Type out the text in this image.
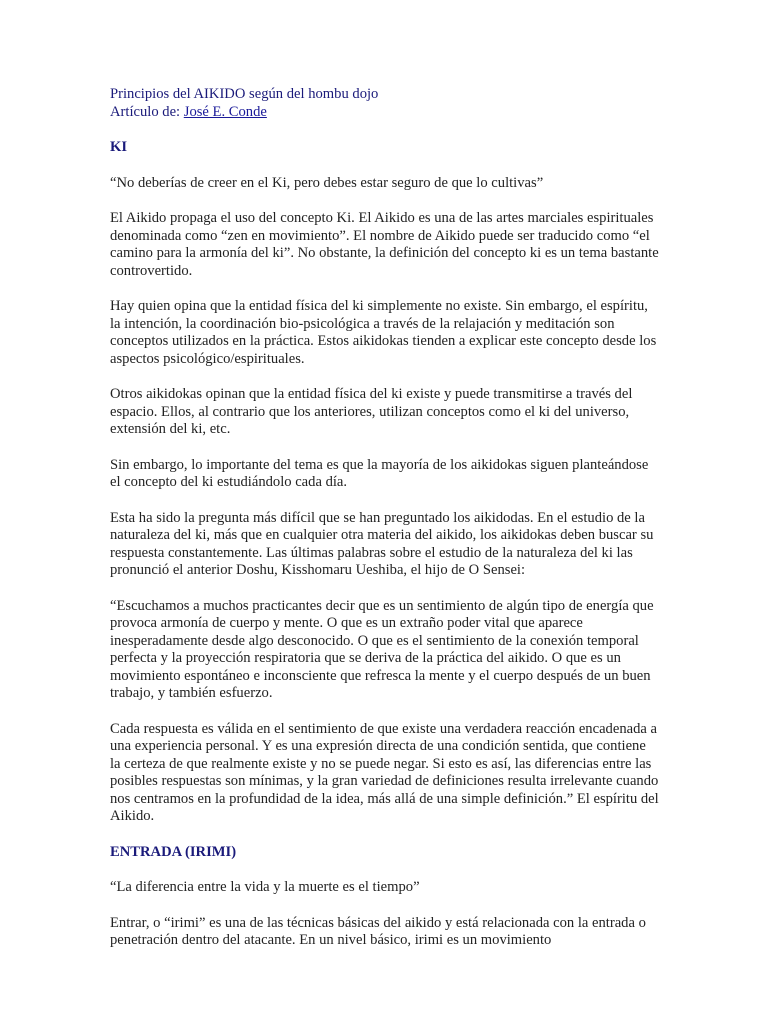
Principios del AIKIDO según del hombu dojo
Artículo de: José E. Conde
KI
“No deberías de creer en el Ki, pero debes estar seguro de que lo cultivas”

El Aikido propaga el uso del concepto Ki. El Aikido es una de las artes marciales espirituales denominada como “zen en movimiento”. El nombre de Aikido puede ser traducido como “el camino para la armonía del ki”. No obstante, la definición del concepto ki es un tema bastante controvertido.

Hay quien opina que la entidad física del ki simplemente no existe. Sin embargo, el espíritu, la intención, la coordinación bio-psicológica a través de la relajación y meditación son conceptos utilizados en la práctica. Estos aikidokas tienden a explicar este concepto desde los aspectos psicológico/espirituales.

Otros aikidokas opinan que la entidad física del ki existe y puede transmitirse a través del espacio. Ellos, al contrario que los anteriores, utilizan conceptos como el ki del universo, extensión del ki, etc.

Sin embargo, lo importante del tema es que la mayoría de los aikidokas siguen planteándose el concepto del ki estudiándolo cada día.

Esta ha sido la pregunta más difícil que se han preguntado los aikidodas. En el estudio de la naturaleza del ki, más que en cualquier otra materia del aikido, los aikidokas deben buscar su respuesta constantemente. Las últimas palabras sobre el estudio de la naturaleza del ki las pronunció el anterior Doshu, Kisshomaru Ueshiba, el hijo de O Sensei:

“Escuchamos a muchos practicantes decir que es un sentimiento de algún tipo de energía que provoca armonía de cuerpo y mente. O que es un extraño poder vital que aparece inesperadamente desde algo desconocido. O que es el sentimiento de la conexión temporal perfecta y la proyección respiratoria que se deriva de la práctica del aikido. O que es un movimiento espontáneo e inconsciente que refresca la mente y el cuerpo después de un buen trabajo, y también esfuerzo.

Cada respuesta es válida en el sentimiento de que existe una verdadera reacción encadenada a una experiencia personal. Y es una expresión directa de una condición sentida, que contiene la certeza de que realmente existe y no se puede negar. Si esto es así, las diferencias entre las posibles respuestas son mínimas, y la gran variedad de definiciones resulta irrelevante cuando nos centramos en la profundidad de la idea, más allá de una simple definición.” El espíritu del Aikido.

ENTRADA (IRIMI)
“La diferencia entre la vida y la muerte es el tiempo”

Entrar, o “irimi” es una de las técnicas básicas del aikido y está relacionada con la entrada o penetración dentro del atacante. En un nivel básico, irimi es un movimiento
